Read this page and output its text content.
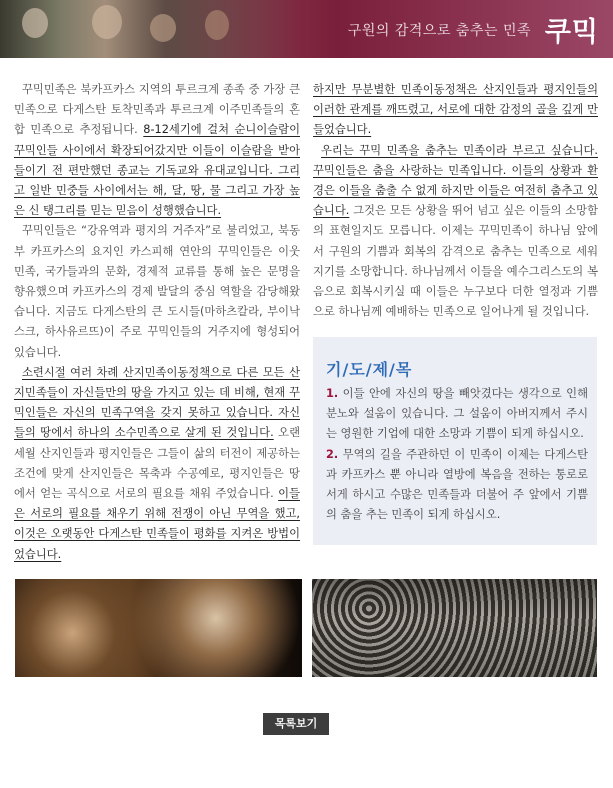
구원의 감격으로 춤추는 민족 쿠믹

꾸믹민족은 북카프카스 지역의 투르크계 종족 중 가장 큰 민족으로 다게스탄 토착민족과 투르크계 이주민족들의 혼합 민족으로 추정됩니다. 8-12세기에 걸쳐 순니이슬람이 꾸믹인들 사이에서 확장되어갔지만 이들이 이슬람을 받아들이기 전 편만했던 종교는 기독교와 유대교입니다. 그리고 일반 민중들 사이에서는 해, 달, 땅, 물 그리고 가장 높은 신 탱그리를 믿는 믿음이 성행했습니다.

꾸믹인들은 “강유역과 평지의 거주자”로 불리었고, 북동부 카프카스의 요지인 카스피해 연안의 꾸믹인들은 이웃 민족, 국가들과의 문화, 경제적 교류를 통해 높은 문명을 향유했으며 카프카스의 경제 발달의 중심 역할을 감당해왔습니다. 지금도 다게스탄의 큰 도시들(마하츠칼라, 부이낙스크, 하사유르뜨)이 주로 꾸믹인들의 거주지에 형성되어 있습니다.

소련시절 여러 차례 산지민족이동정책으로 다른 모든 산지민족들이 자신들만의 땅을 가지고 있는 데 비해, 현재 꾸믹인들은 자신의 민족구역을 갖지 못하고 있습니다. 자신들의 땅에서 하나의 소수민족으로 살게 된 것입니다. 오랜 세월 산지인들과 평지인들은 그들이 삶의 터전이 제공하는 조건에 맞게 산지인들은 목축과 수공예로, 평지인들은 땅에서 얻는 곡식으로 서로의 필요를 채워 주었습니다. 이들은 서로의 필요를 채우기 위해 전쟁이 아닌 무역을 했고, 이것은 오랫동안 다게스탄 민족들이 평화를 지켜온 방법이었습니다.

하지만 무분별한 민족이동정책은 산지인들과 평지인들의 이러한 관계를 깨뜨렸고, 서로에 대한 감정의 골을 깊게 만들었습니다.

우리는 꾸믹 민족을 춤추는 민족이라 부르고 싶습니다. 꾸믹인들은 춤을 사랑하는 민족입니다. 이들의 상황과 환경은 이들을 춤출 수 없게 하지만 이들은 여전히 춤추고 있습니다. 그것은 모든 상황을 뛰어 넘고 싶은 이들의 소망함의 표현일지도 모릅니다. 이제는 꾸믹민족이 하나님 앞에서 구원의 기쁨과 회복의 감격으로 춤추는 민족으로 세워지기를 소망합니다. 하나님께서 이들을 예수그리스도의 복음으로 회복시키실 때 이들은 누구보다 더한 열정과 기쁨으로 하나님께 예배하는 민족으로 일어나게 될 것입니다.

기/도/제/목
1. 이들 안에 자신의 땅을 빼앗겼다는 생각으로 인해 분노와 설움이 있습니다. 그 설움이 아버지께서 주시는 영원한 기업에 대한 소망과 기쁨이 되게 하십시오.
2. 무역의 길을 주관하던 이 민족이 이제는 다게스탄과 카프카스 뿐 아니라 열방에 복음을 전하는 통로로 서게 하시고 수많은 민족들과 더불어 주 앞에서 기쁨의 춤을 추는 민족이 되게 하십시오.
목록보기
